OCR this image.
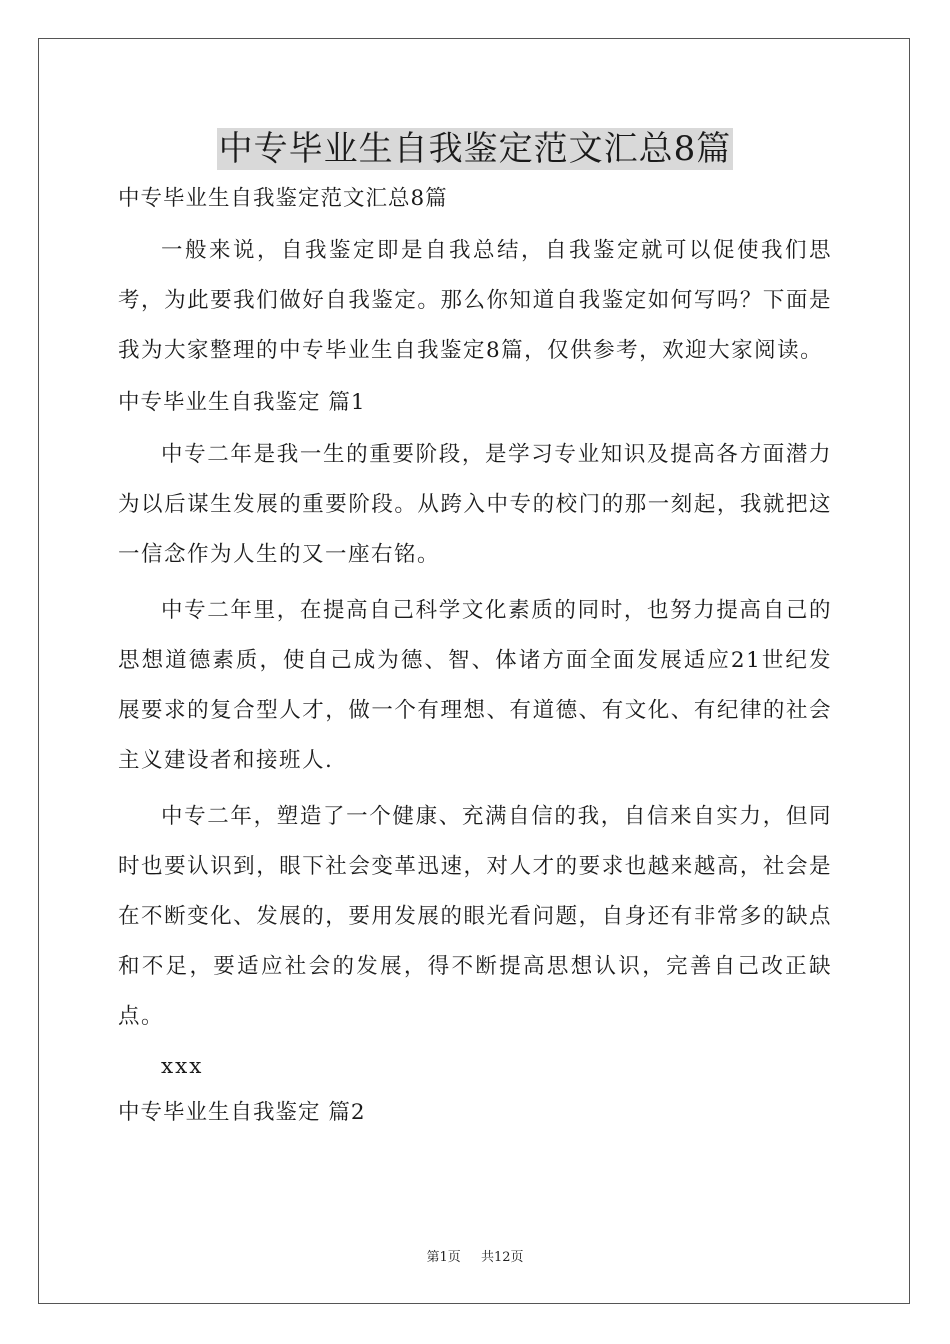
中专毕业生自我鉴定范文汇总8篇

中专毕业生自我鉴定范文汇总8篇

一般来说，自我鉴定即是自我总结，自我鉴定就可以促使我们思考，为此要我们做好自我鉴定。那么你知道自我鉴定如何写吗？下面是我为大家整理的中专毕业生自我鉴定8篇，仅供参考，欢迎大家阅读。

中专毕业生自我鉴定 篇1

中专二年是我一生的重要阶段，是学习专业知识及提高各方面潜力为以后谋生发展的重要阶段。从跨入中专的校门的那一刻起，我就把这一信念作为人生的又一座右铭。

中专二年里，在提高自己科学文化素质的同时，也努力提高自己的思想道德素质，使自己成为德、智、体诸方面全面发展适应21世纪发展要求的复合型人才，做一个有理想、有道德、有文化、有纪律的社会主义建设者和接班人.

中专二年，塑造了一个健康、充满自信的我，自信来自实力，但同时也要认识到，眼下社会变革迅速，对人才的要求也越来越高，社会是在不断变化、发展的，要用发展的眼光看问题，自身还有非常多的缺点和不足，要适应社会的发展，得不断提高思想认识，完善自己改正缺点。

xxx

中专毕业生自我鉴定 篇2

第1页 共12页
